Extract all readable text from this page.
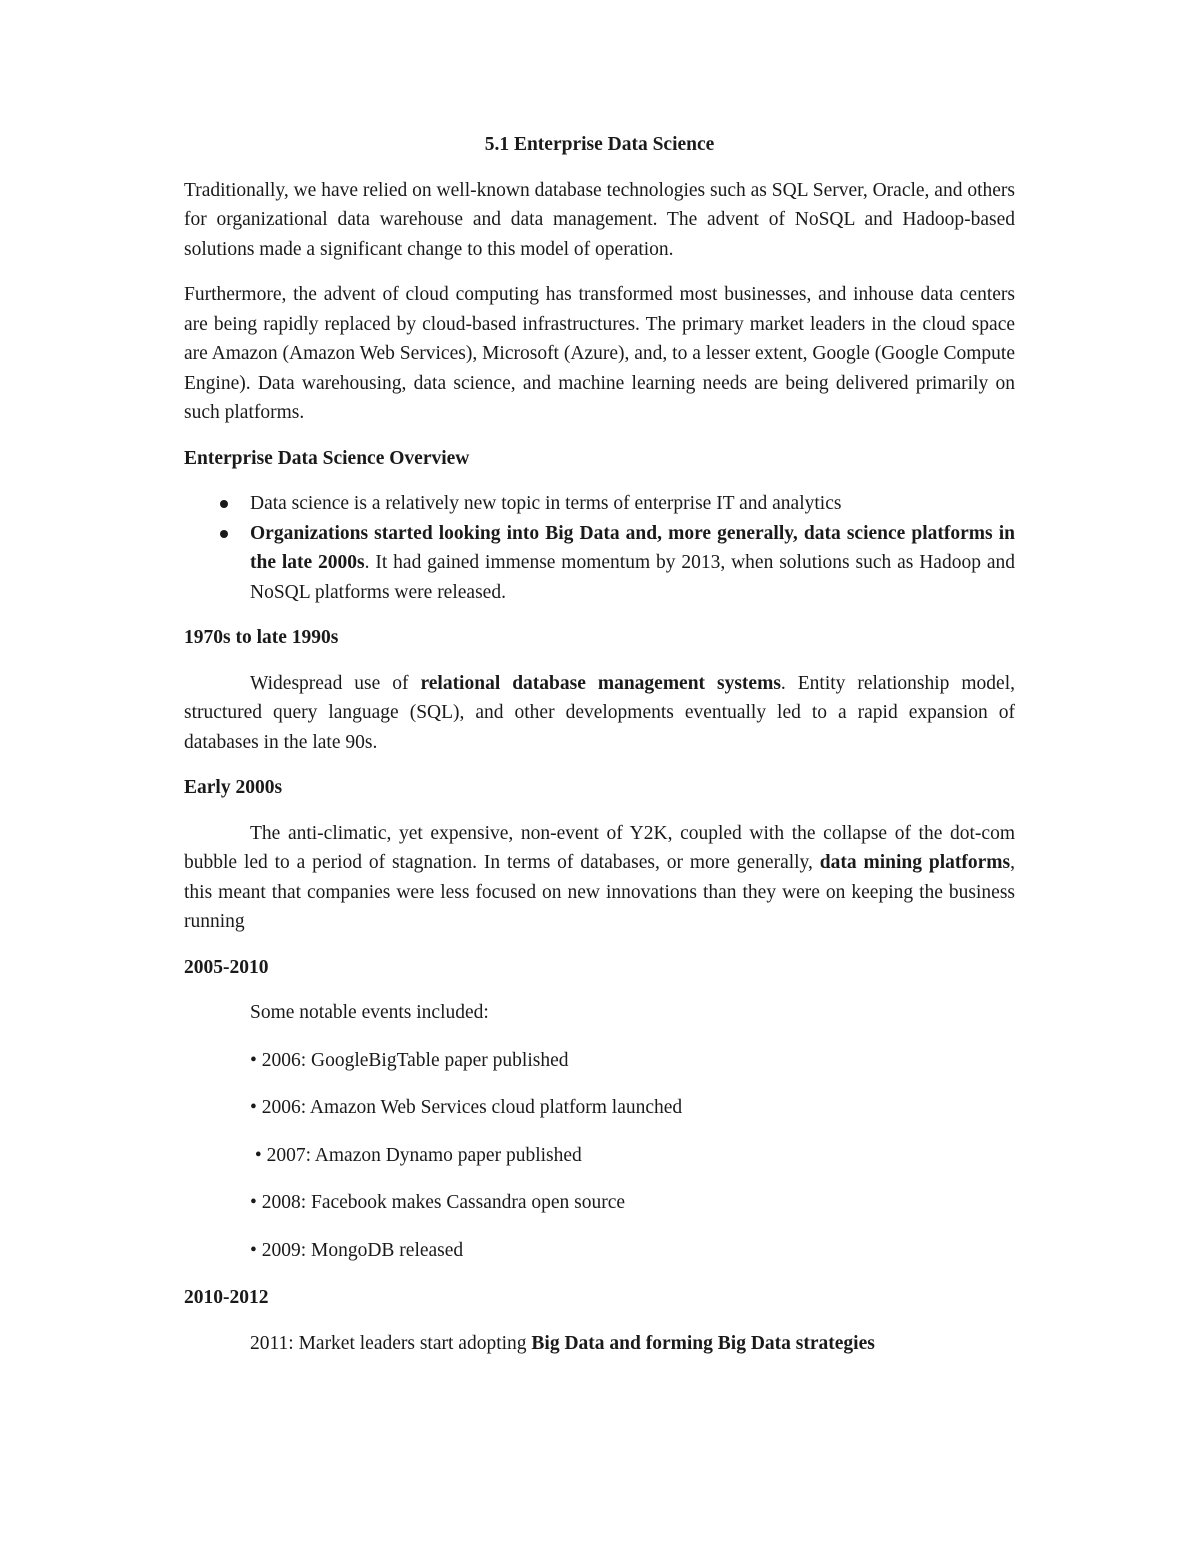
5.1 Enterprise Data Science

Traditionally, we have relied on well-known database technologies such as SQL Server, Oracle, and others for organizational data warehouse and data management. The advent of NoSQL and Hadoop-based solutions made a significant change to this model of operation.

Furthermore, the advent of cloud computing has transformed most businesses, and inhouse data centers are being rapidly replaced by cloud-based infrastructures. The primary market leaders in the cloud space are Amazon (Amazon Web Services), Microsoft (Azure), and, to a lesser extent, Google (Google Compute Engine). Data warehousing, data science, and machine learning needs are being delivered primarily on such platforms.

Enterprise Data Science Overview
Data science is a relatively new topic in terms of enterprise IT and analytics
Organizations started looking into Big Data and, more generally, data science platforms in the late 2000s. It had gained immense momentum by 2013, when solutions such as Hadoop and NoSQL platforms were released.
1970s to late 1990s

Widespread use of relational database management systems. Entity relationship model, structured query language (SQL), and other developments eventually led to a rapid expansion of databases in the late 90s.

Early 2000s

The anti-climatic, yet expensive, non-event of Y2K, coupled with the collapse of the dot-com bubble led to a period of stagnation. In terms of databases, or more generally, data mining platforms, this meant that companies were less focused on new innovations than they were on keeping the business running

2005-2010

Some notable events included:

• 2006: GoogleBigTable paper published

• 2006: Amazon Web Services cloud platform launched

• 2007: Amazon Dynamo paper published

• 2008: Facebook makes Cassandra open source

• 2009: MongoDB released

2010-2012

2011: Market leaders start adopting Big Data and forming Big Data strategies
